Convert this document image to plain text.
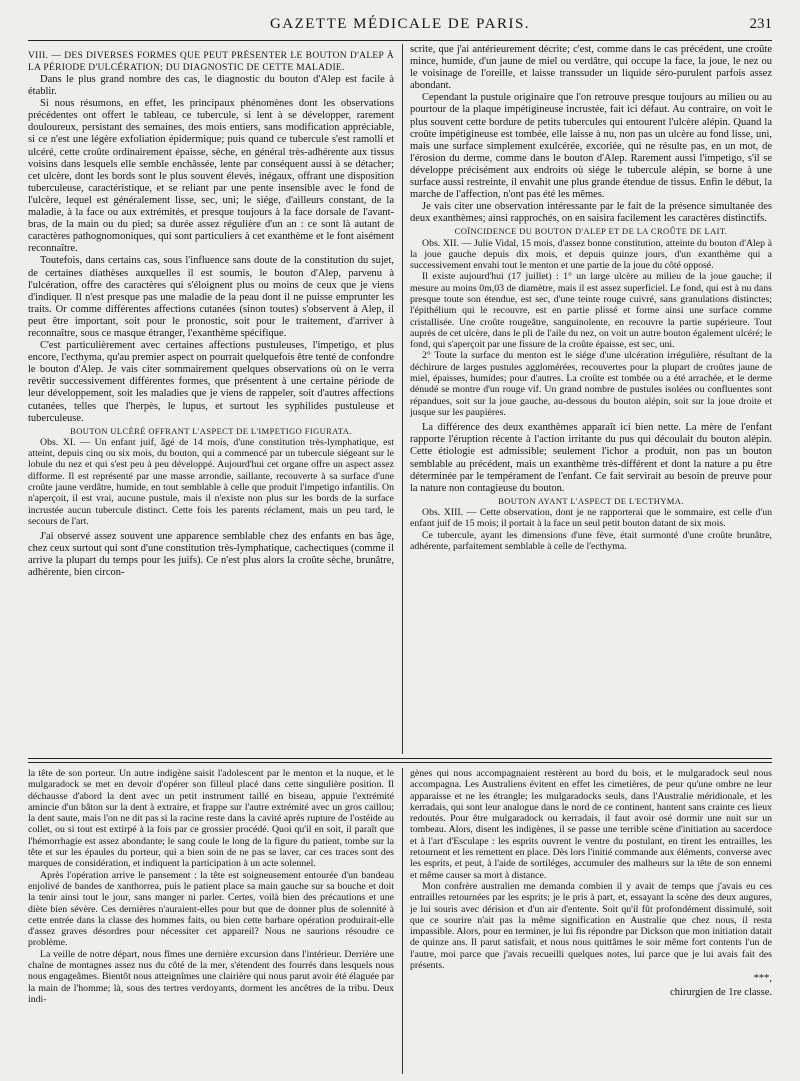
GAZETTE MÉDICALE DE PARIS.	231

VIII. — DES DIVERSES FORMES QUE PEUT PRÉSENTER LE BOUTON D'ALEP À LA PÉRIODE D'ULCÉRATION; DU DIAGNOSTIC DE CETTE MALADIE.

Dans le plus grand nombre des cas, le diagnostic du bouton d'Alep est facile à établir.

Si nous résumons, en effet, les principaux phénomènes dont les observations précédentes ont offert le tableau, ce tubercule, si lent à se développer, rarement douloureux, persistant des semaines, des mois entiers, sans modification appréciable, si ce n'est une légère exfoliation épidermique; puis quand ce tubercule s'est ramolli et ulcéré, cette croûte ordinairement épaisse, sèche, en général très-adhérente aux tissus voisins dans lesquels elle semble enchâssée, lente par conséquent aussi à se détacher; cet ulcère, dont les bords sont le plus souvent élevés, inégaux, offrant une disposition tuberculeuse, caractéristique, et se reliant par une pente insensible avec le fond de l'ulcère, lequel est généralement lisse, sec, uni; le siége, d'ailleurs constant, de la maladie, à la face ou aux extrémités, et presque toujours à la face dorsale de l'avant-bras, de la main ou du pied; sa durée assez régulière d'un an : ce sont là autant de caractères pathognomoniques, qui sont particuliers à cet exanthème et le font aisément reconnaître.

Toutefois, dans certains cas, sous l'influence sans doute de la constitution du sujet, de certaines diathèses auxquelles il est soumis, le bouton d'Alep, parvenu à l'ulcération, offre des caractères qui s'éloignent plus ou moins de ceux que je viens d'indiquer. Il n'est presque pas une maladie de la peau dont il ne puisse emprunter les traits. Or comme différentes affections cutanées (sinon toutes) s'observent à Alep, il peut être important, soit pour le pronostic, soit pour le traitement, d'arriver à reconnaître, sous ce masque étranger, l'exanthème spécifique.

C'est particulièrement avec certaines affections pustuleuses, l'impetigo, et plus encore, l'ecthyma, qu'au premier aspect on pourrait quelquefois être tenté de confondre le bouton d'Alep. Je vais citer sommairement quelques observations où on le verra revêtir successivement différentes formes, que présentent à une certaine période de leur développement, soit les maladies que je viens de rappeler, soit d'autres affections cutanées, telles que l'herpès, le lupus, et surtout les syphilides pustuleuse et tuberculeuse.

BOUTON ULCÉRÉ OFFRANT L'ASPECT DE L'IMPETIGO FIGURATA.

Obs. XI. — Un enfant juif, âgé de 14 mois, d'une constitution très-lymphatique, est atteint, depuis cinq ou six mois, du bouton, qui a commencé par un tubercule siégeant sur le lobule du nez et qui s'est peu à peu développé. Aujourd'hui cet organe offre un aspect assez difforme. Il est représenté par une masse arrondie, saillante, recouverte à sa surface d'une croûte jaune verdâtre, humide, en tout semblable à celle que produit l'impetigo infantilis. On n'aperçoit, il est vrai, aucune pustule, mais il n'existe non plus sur les bords de la surface incrustée aucun tubercule distinct. Cette fois les parents réclament, mais un peu tard, le secours de l'art.

J'ai observé assez souvent une apparence semblable chez des enfants en bas âge, chez ceux surtout qui sont d'une constitution très-lymphatique, cachectiques (comme il arrive la plupart du temps pour les juifs). Ce n'est plus alors la croûte sèche, brunâtre, adhérente, bien circon-

scrite, que j'ai antérieurement décrite; c'est, comme dans le cas précédent, une croûte mince, humide, d'un jaune de miel ou verdâtre, qui occupe la face, la joue, le nez ou le voisinage de l'oreille, et laisse transsuder un liquide séro-purulent parfois assez abondant.

Cependant la pustule originaire que l'on retrouve presque toujours au milieu ou au pourtour de la plaque impétigineuse incrustée, fait ici défaut. Au contraire, on voit le plus souvent cette bordure de petits tubercules qui entourent l'ulcère alépin. Quand la croûte impétigineuse est tombée, elle laisse à nu, non pas un ulcère au fond lisse, uni, mais une surface simplement exulcérée, excoriée, qui ne résulte pas, en un mot, de l'érosion du derme, comme dans le bouton d'Alep. Rarement aussi l'impetigo, s'il se développe précisément aux endroits où siége le tubercule alépin, se borne à une surface aussi restreinte, il envahit une plus grande étendue de tissus. Enfin le début, la marche de l'affection, n'ont pas été les mêmes.

Je vais citer une observation intéressante par le fait de la présence simultanée des deux exanthèmes; ainsi rapprochés, on en saisira facilement les caractères distinctifs.

COÏNCIDENCE DU BOUTON D'ALEP ET DE LA CROÛTE DE LAIT.

Obs. XII. — Julie Vidal, 15 mois, d'assez bonne constitution, atteinte du bouton d'Alep à la joue gauche depuis dix mois, et depuis quinze jours, d'un exanthème qui a successivement envahi tout le menton et une partie de la joue du côté opposé.

Il existe aujourd'hui (17 juillet) : 1° un large ulcère au milieu de la joue gauche; il mesure au moins 0m,03 de diamètre, mais il est assez superficiel. Le fond, qui est à nu dans presque toute son étendue, est sec, d'une teinte rouge cuivré, sans granulations distinctes; l'épithélium qui le recouvre, est en partie plissé et forme ainsi une surface comme cristallisée. Une croûte rougeâtre, sanguinolente, en recouvre la partie supérieure. Tout auprès de cet ulcère, dans le pli de l'aile du nez, on voit un autre bouton également ulcéré; le fond, qui s'aperçoit par une fissure de la croûte épaisse, est sec, uni.

2° Toute la surface du menton est le siége d'une ulcération irrégulière, résultant de la déchirure de larges pustules agglomérées, recouvertes pour la plupart de croûtes jaune de miel, épaisses, humides; pour d'autres. La croûte est tombée ou a été arrachée, et le derme dénudé se montre d'un rouge vif. Un grand nombre de pustules isolées ou confluentes sont répandues, soit sur la joue gauche, au-dessous du bouton alépin, soit sur la joue droite et jusque sur les paupières.

La différence des deux exanthèmes apparaît ici bien nette. La mère de l'enfant rapporte l'éruption récente à l'action irritante du pus qui découlait du bouton alépin. Cette étiologie est admissible; seulement l'ichor a produit, non pas un bouton semblable au précédent, mais un exanthème très-différent et dont la nature a pu être déterminée par le tempérament de l'enfant. Ce fait servirait au besoin de preuve pour la nature non contagieuse du bouton.

BOUTON AYANT L'ASPECT DE L'ECTHYMA.

Obs. XIII. — Cette observation, dont je ne rapporterai que le sommaire, est celle d'un enfant juif de 15 mois; il portait à la face un seul petit bouton datant de six mois.

Ce tubercule, ayant les dimensions d'une fève, était surmonté d'une croûte brunâtre, adhérente, parfaitement semblable à celle de l'ecthyma.

la tête de son porteur. Un autre indigène saisit l'adolescent par le menton et la nuque, et le mulgaradock se met en devoir d'opérer son filleul placé dans cette singulière position. Il déchausse d'abord la dent avec un petit instrument taillé en biseau, appuie l'extrémité amincie d'un bâton sur la dent à extraire, et frappe sur l'autre extrémité avec un gros caillou; la dent saute, mais l'on ne dit pas si la racine reste dans la cavité après rupture de l'ostéide au collet, ou si tout est extirpé à la fois par ce grossier procédé. Quoi qu'il en soit, il paraît que l'hémorrhagie est assez abondante; le sang coule le long de la figure du patient, tombe sur la tête et sur les épaules du porteur, qui a bien soin de ne pas se laver, car ces traces sont des marques de considération, et indiquent la participation à un acte solennel.

Après l'opération arrive le pansement : la tête est soigneusement entourée d'un bandeau enjolivé de bandes de xanthorrea, puis le patient place sa main gauche sur sa bouche et doit la tenir ainsi tout le jour, sans manger ni parler. Certes, voilà bien des précautions et une diète bien sévère. Ces dernières n'auraient-elles pour but que de donner plus de solennité à cette entrée dans la classe des hommes faits, ou bien cette barbare opération produirait-elle d'assez graves désordres pour nécessiter cet appareil? Nous ne saurions résoudre ce problème.

La veille de notre départ, nous fîmes une dernière excursion dans l'intérieur. Derrière une chaîne de montagnes assez nus du côté de la mer, s'étendent des fourrés dans lesquels nous nous engageâmes. Bientôt nous atteignîmes une clairière qui nous parut avoir été élaguée par la main de l'homme; là, sous des tertres verdoyants, dorment les ancêtres de la tribu. Deux indi-

gènes qui nous accompagnaient restèrent au bord du bois, et le mulgaradock seul nous accompagna. Les Australiens évitent en effet les cimetières, de peur qu'une ombre ne leur apparaisse et ne les étrangle; les mulgaradocks seuls, dans l'Australie méridionale, et les kerradais, qui sont leur analogue dans le nord de ce continent, hantent sans crainte ces lieux redoutés. Pour être mulgaradock ou kerradais, il faut avoir osé dormir une nuit sur un tombeau. Alors, disent les indigènes, il se passe une terrible scène d'initiation au sacerdoce et à l'art d'Esculape : les esprits ouvrent le ventre du postulant, en tirent les entrailles, les retournent et les remettent en place. Dès lors l'initié commande aux éléments, converse avec les esprits, et peut, à l'aide de sortiléges, accumuler des malheurs sur la tête de son ennemi et même causer sa mort à distance.

Mon confrère australien me demanda combien il y avait de temps que j'avais eu ces entrailles retournées par les esprits; je le pris à part, et, essayant la scène des deux augures, je lui souris avec dérision et d'un air d'entente. Soit qu'il fût profondément dissimulé, soit que ce sourire n'ait pas la même signification en Australie que chez nous, il resta impassible. Alors, pour en terminer, je lui fis répondre par Dickson que mon initiation datait de quinze ans. Il parut satisfait, et nous nous quittâmes le soir même fort contents l'un de l'autre, moi parce que j'avais recueilli quelques notes, lui parce que je lui avais fait des présents.

***,
chirurgien de 1re classe.
